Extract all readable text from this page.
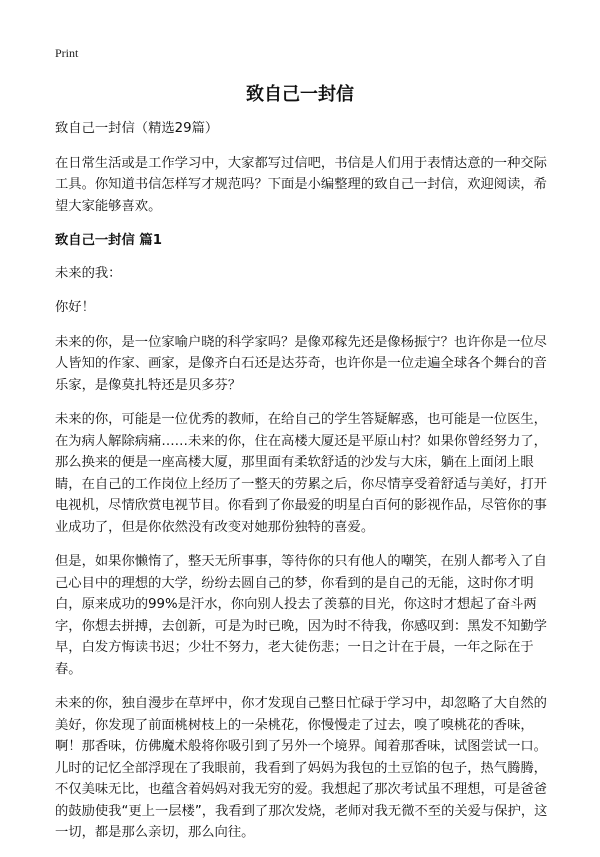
Print
致自己一封信

致自己一封信（精选29篇）

在日常生活或是工作学习中，大家都写过信吧，书信是人们用于表情达意的一种交际工具。你知道书信怎样写才规范吗？下面是小编整理的致自己一封信，欢迎阅读，希望大家能够喜欢。

致自己一封信 篇1

未来的我：

你好！

未来的你，是一位家喻户晓的科学家吗？是像邓稼先还是像杨振宁？也许你是一位尽人皆知的作家、画家，是像齐白石还是达芬奇，也许你是一位走遍全球各个舞台的音乐家，是像莫扎特还是贝多芬？

未来的你，可能是一位优秀的教师，在给自己的学生答疑解惑，也可能是一位医生，在为病人解除病痛……未来的你，住在高楼大厦还是平原山村？如果你曾经努力了，那么换来的便是一座高楼大厦，那里面有柔软舒适的沙发与大床，躺在上面闭上眼睛，在自己的工作岗位上经历了一整天的劳累之后，你尽情享受着舒适与美好，打开电视机，尽情欣赏电视节目。你看到了你最爱的明星白百何的影视作品，尽管你的事业成功了，但是你依然没有改变对她那份独特的喜爱。

但是，如果你懒惰了，整天无所事事，等待你的只有他人的嘲笑，在别人都考入了自己心目中的理想的大学，纷纷去圆自己的梦，你看到的是自己的无能，这时你才明白，原来成功的99%是汗水，你向别人投去了羡慕的目光，你这时才想起了奋斗两字，你想去拼搏，去创新，可是为时已晚，因为时不待我，你感叹到：黑发不知勤学早，白发方悔读书迟；少壮不努力，老大徒伤悲；一日之计在于晨，一年之际在于春。

未来的你，独自漫步在草坪中，你才发现自己整日忙碌于学习中，却忽略了大自然的美好，你发现了前面桃树枝上的一朵桃花，你慢慢走了过去，嗅了嗅桃花的香味，啊！那香味，仿佛魔术般将你吸引到了另外一个境界。闻着那香味，试图尝试一口。儿时的记忆全部浮现在了我眼前，我看到了妈妈为我包的土豆馅的包子，热气腾腾，不仅美味无比，也蕴含着妈妈对我无穷的爱。我想起了那次考试虽不理想，可是爸爸的鼓励使我“更上一层楼”，我看到了那次发烧，老师对我无微不至的关爱与保护，这一切，都是那么亲切，那么向往。
